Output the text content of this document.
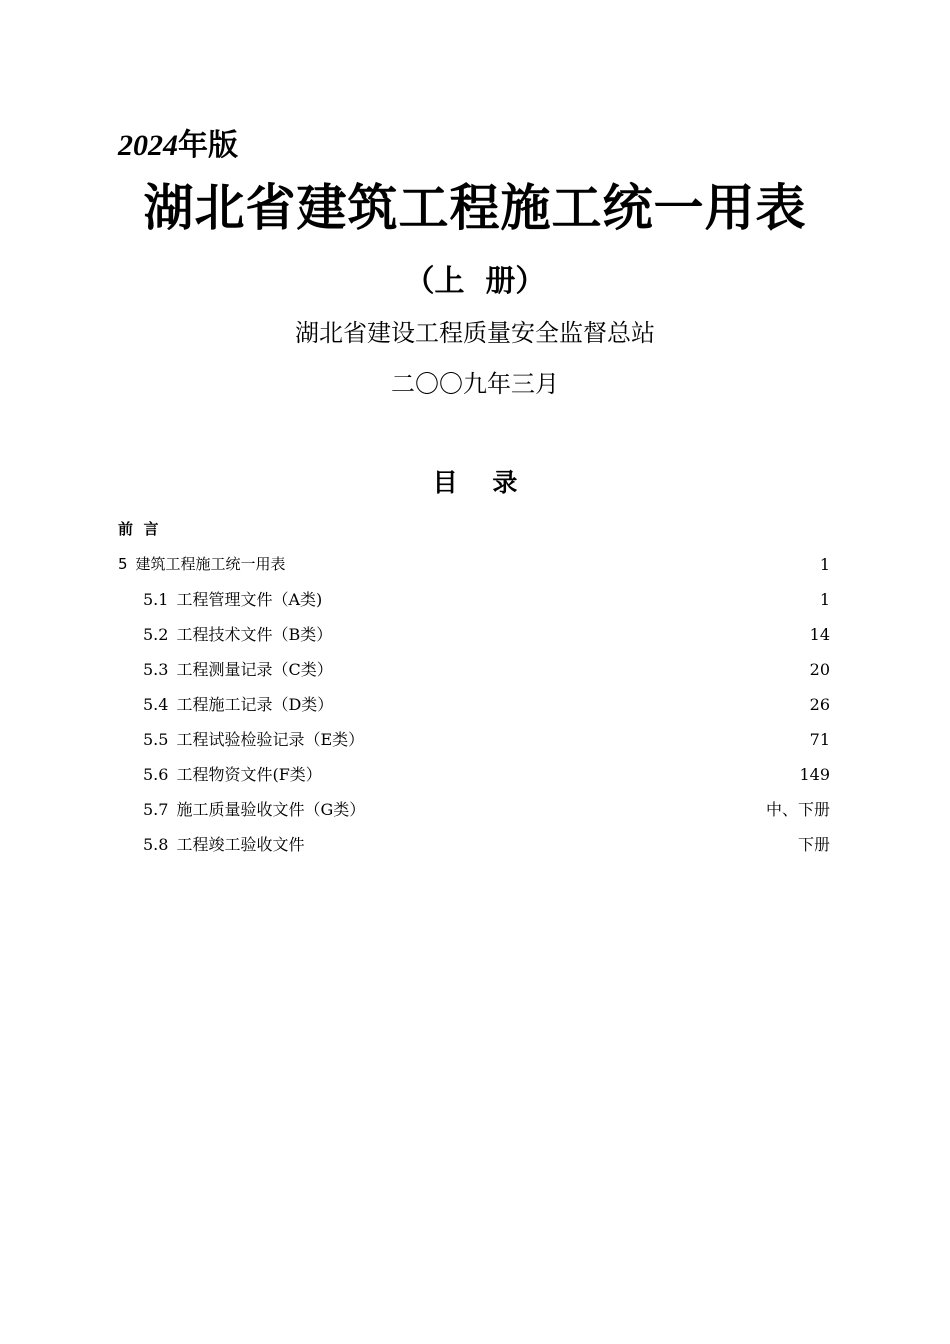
2024年版
湖北省建筑工程施工统一用表
（上  册）
湖北省建设工程质量安全监督总站
二〇〇九年三月
目    录
前  言
5 建筑工程施工统一用表	1
5.1 工程管理文件（A类)	1
5.2 工程技术文件（B类）	14
5.3 工程测量记录（C类）	20
5.4 工程施工记录（D类）	26
5.5 工程试验检验记录（E类）	71
5.6 工程物资文件(F类）	149
5.7 施工质量验收文件（G类）	中、下册
5.8 工程竣工验收文件	下册
